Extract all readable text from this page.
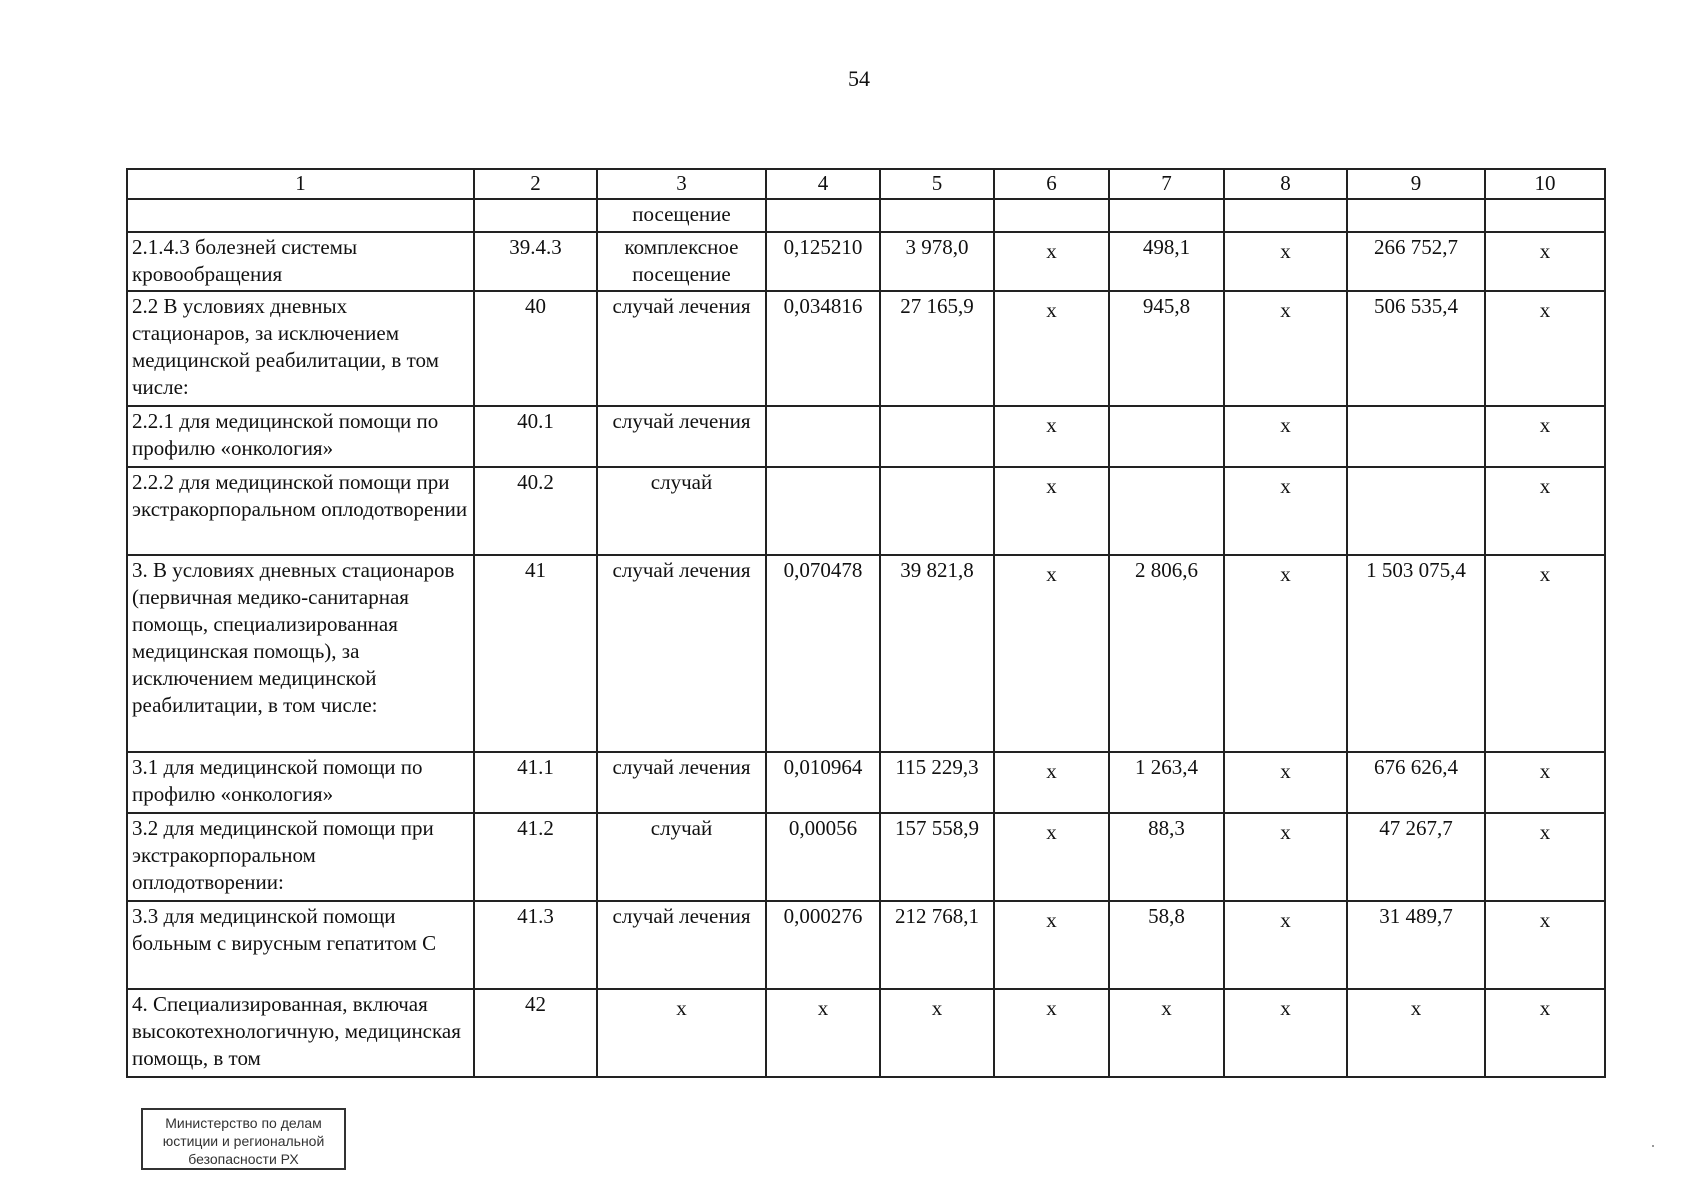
54
1	2	3	4	5	6	7	8	9	10
		посещение							
2.1.4.3 болезней системы кровообращения	39.4.3	комплексное посещение	0,125210	3 978,0	х	498,1	х	266 752,7	х
2.2 В условиях дневных стационаров, за исключением медицинской реабилитации, в том числе:	40	случай лечения	0,034816	27 165,9	х	945,8	х	506 535,4	х
2.2.1 для медицинской помощи по профилю «онкология»	40.1	случай лечения			х		х		х
2.2.2 для медицинской помощи при экстракорпоральном оплодотворении	40.2	случай			х		х		х
3. В условиях дневных стационаров (первичная медико-санитарная помощь, специализированная медицинская помощь), за исключением медицинской реабилитации, в том числе:	41	случай лечения	0,070478	39 821,8	х	2 806,6	х	1 503 075,4	х
3.1 для медицинской помощи по профилю «онкология»	41.1	случай лечения	0,010964	115 229,3	х	1 263,4	х	676 626,4	х
3.2 для медицинской помощи при экстракорпоральном оплодотворении:	41.2	случай	0,00056	157 558,9	х	88,3	х	47 267,7	х
3.3 для медицинской помощи больным с вирусным гепатитом С	41.3	случай лечения	0,000276	212 768,1	х	58,8	х	31 489,7	х
4. Специализированная, включая высокотехнологичную, медицинская помощь, в том	42	х	х	х	х	х	х	х	х
Министерство по делам
юстиции и региональной
безопасности РХ
